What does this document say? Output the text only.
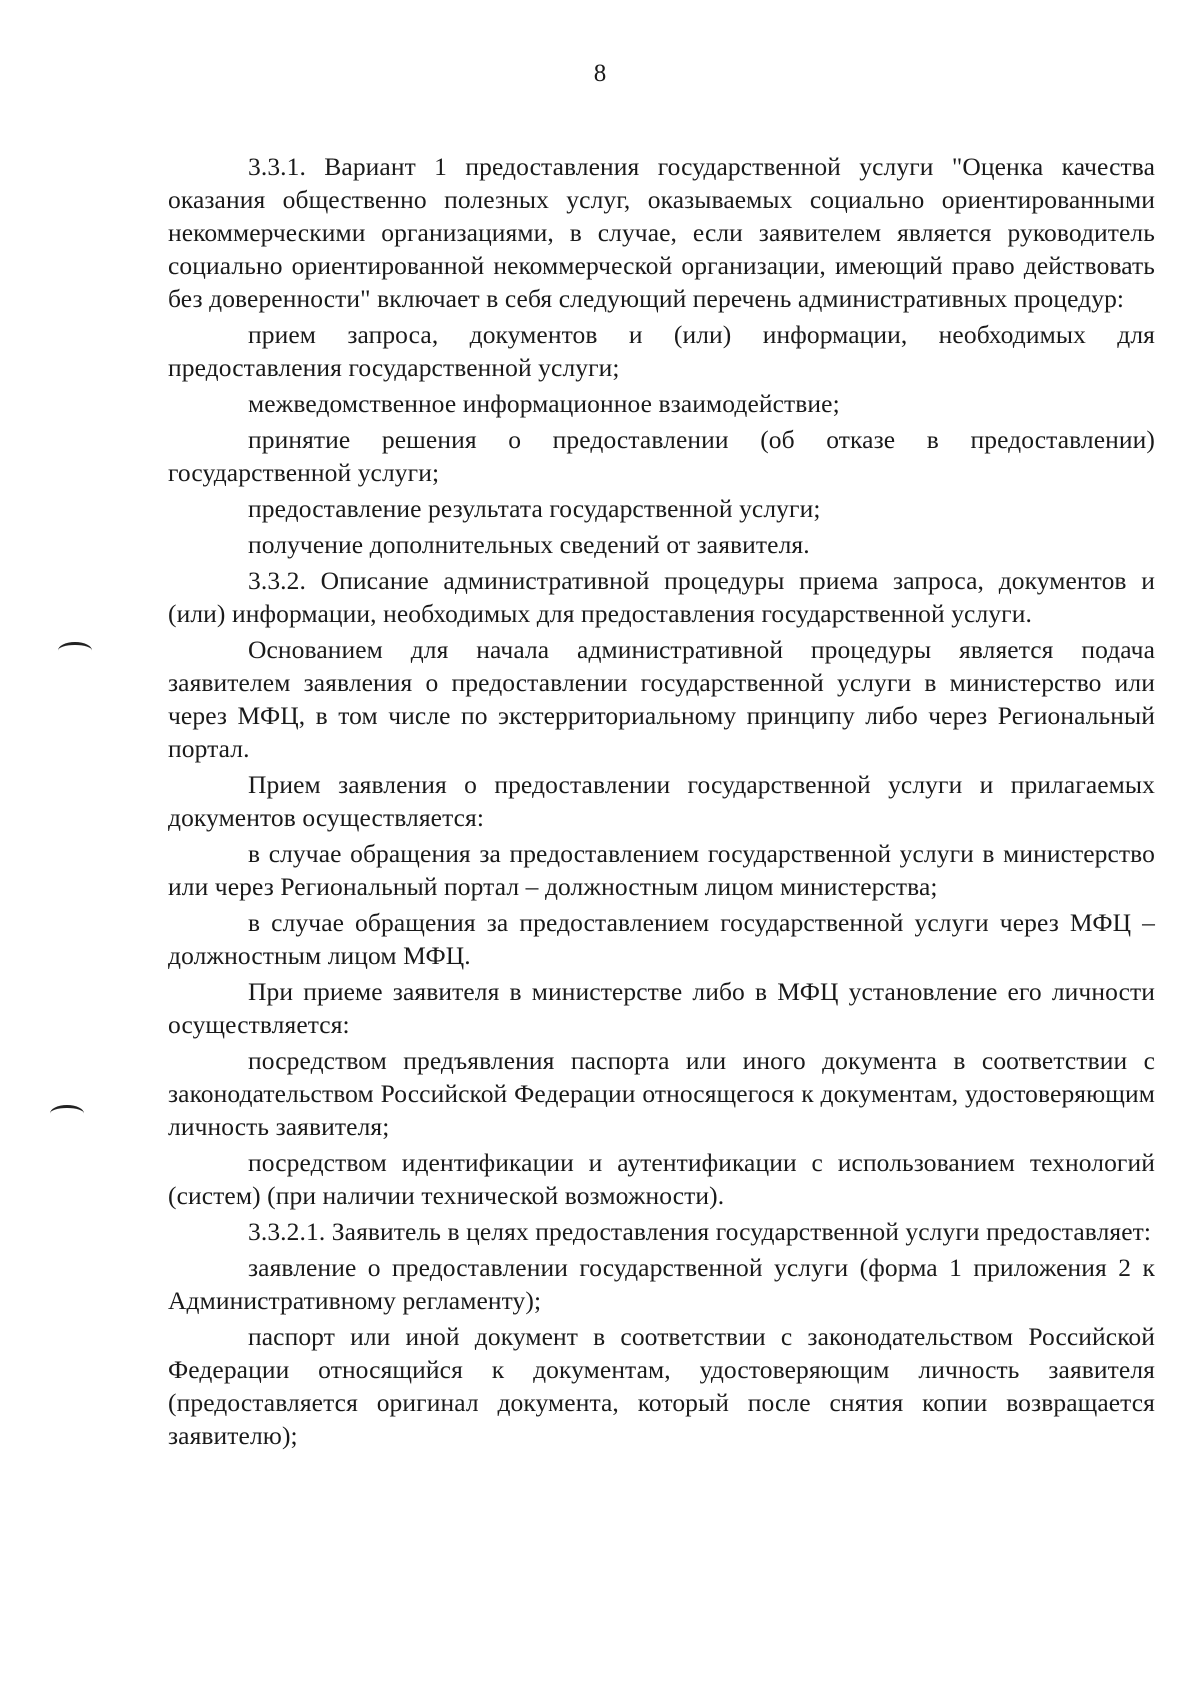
8

3.3.1. Вариант 1 предоставления государственной услуги "Оценка качества оказания общественно полезных услуг, оказываемых социально ориентированными некоммерческими организациями, в случае, если заявителем является руководитель социально ориентированной некоммерческой организации, имеющий право действовать без доверенности" включает в себя следующий перечень административных процедур:

прием запроса, документов и (или) информации, необходимых для предоставления государственной услуги;

межведомственное информационное взаимодействие;

принятие решения о предоставлении (об отказе в предоставлении) государственной услуги;

предоставление результата государственной услуги;

получение дополнительных сведений от заявителя.

3.3.2. Описание административной процедуры приема запроса, документов и (или) информации, необходимых для предоставления государственной услуги.

Основанием для начала административной процедуры является подача заявителем заявления о предоставлении государственной услуги в министерство или через МФЦ, в том числе по экстерриториальному принципу либо через Региональный портал.

Прием заявления о предоставлении государственной услуги и прилагаемых документов осуществляется:

в случае обращения за предоставлением государственной услуги в министерство или через Региональный портал – должностным лицом министерства;

в случае обращения за предоставлением государственной услуги через МФЦ – должностным лицом МФЦ.

При приеме заявителя в министерстве либо в МФЦ установление его личности осуществляется:

посредством предъявления паспорта или иного документа в соответствии с законодательством Российской Федерации относящегося к документам, удостоверяющим личность заявителя;

посредством идентификации и аутентификации с использованием технологий (систем) (при наличии технической возможности).

3.3.2.1. Заявитель в целях предоставления государственной услуги предоставляет:

заявление о предоставлении государственной услуги (форма 1 приложения 2 к Административному регламенту);

паспорт или иной документ в соответствии с законодательством Российской Федерации относящийся к документам, удостоверяющим личность заявителя (предоставляется оригинал документа, который после снятия копии возвращается заявителю);
